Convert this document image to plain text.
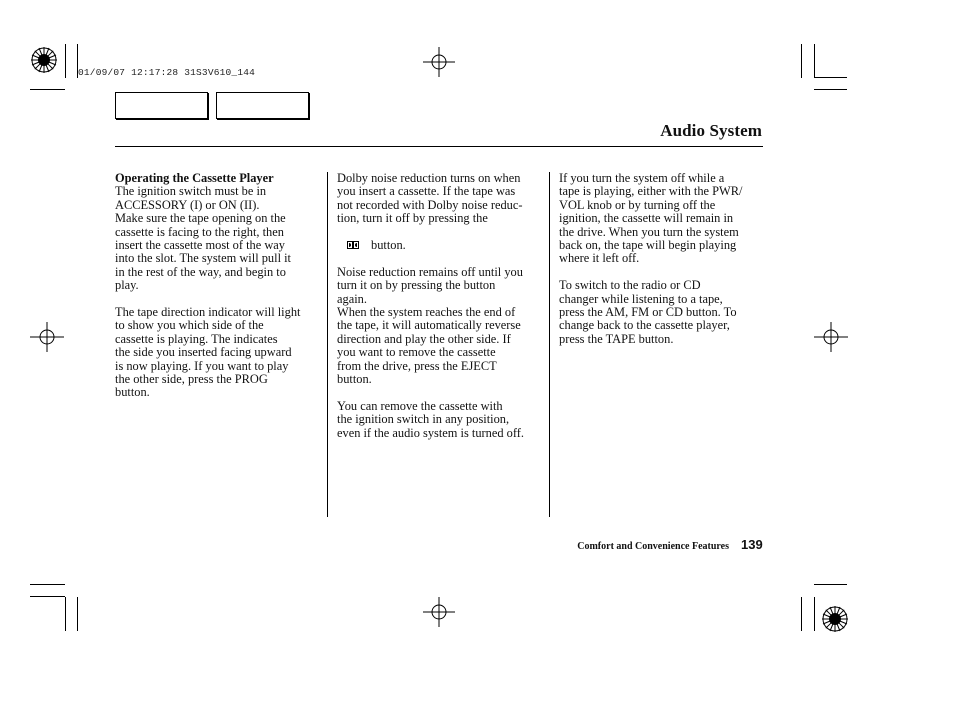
01/09/07 12:17:28 31S3V610_144
Audio System

Operating the Cassette Player

The ignition switch must be in
ACCESSORY (I) or ON (II).
Make sure the tape opening on the
cassette is facing to the right, then
insert the cassette most of the way
into the slot. The system will pull it
in the rest of the way, and begin to
play.

The tape direction indicator will light
to show you which side of the
cassette is playing. The indicates
the side you inserted facing upward
is now playing. If you want to play
the other side, press the PROG
button.

Dolby noise reduction turns on when
you insert a cassette. If the tape was
not recorded with Dolby noise reduc-
tion, turn it off by pressing the

button.

Noise reduction remains off until you
turn it on by pressing the button
again.
When the system reaches the end of
the tape, it will automatically reverse
direction and play the other side. If
you want to remove the cassette
from the drive, press the EJECT
button.

You can remove the cassette with
the ignition switch in any position,
even if the audio system is turned off.

If you turn the system off while a
tape is playing, either with the PWR/
VOL knob or by turning off the
ignition, the cassette will remain in
the drive. When you turn the system
back on, the tape will begin playing
where it left off.

To switch to the radio or CD
changer while listening to a tape,
press the AM, FM or CD button. To
change back to the cassette player,
press the TAPE button.

Comfort and Convenience Features 139
